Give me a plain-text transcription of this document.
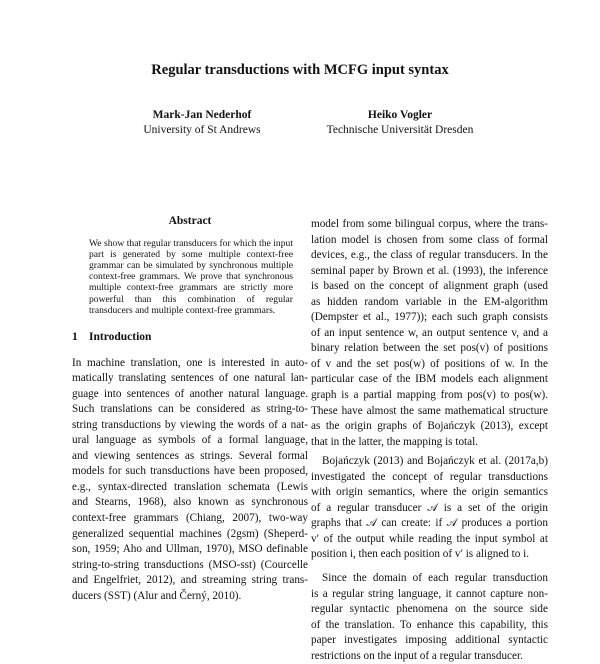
Regular transductions with MCFG input syntax
Mark-Jan Nederhof
University of St Andrews
Heiko Vogler
Technische Universität Dresden
Abstract
We show that regular transducers for which the input part is generated by some multiple context-free grammar can be simulated by synchronous multiple context-free grammars. We prove that synchronous multiple context-free grammars are strictly more powerful than this combination of regular transducers and multiple context-free grammars.
1 Introduction
In machine translation, one is interested in auto-
matically translating sentences of one natural lan-
guage into sentences of another natural language.
Such translations can be considered as string-to-
string transductions by viewing the words of a nat-
ural language as symbols of a formal language,
and viewing sentences as strings. Several formal
models for such transductions have been proposed,
e.g., syntax-directed translation schemata (Lewis
and Stearns, 1968), also known as synchronous
context-free grammars (Chiang, 2007), two-way
generalized sequential machines (2gsm) (Sheperd-
son, 1959; Aho and Ullman, 1970), MSO definable
string-to-string transductions (MSO-sst) (Courcelle
and Engelfriet, 2012), and streaming string trans-
ducers (SST) (Alur and Černý, 2010).
model from some bilingual corpus, where the trans-
lation model is chosen from some class of formal
devices, e.g., the class of regular transducers. In the
seminal paper by Brown et al. (1993), the inference
is based on the concept of alignment graph (used
as hidden random variable in the EM-algorithm
(Dempster et al., 1977)); each such graph consists
of an input sentence w, an output sentence v, and a
binary relation between the set pos(v) of positions
of v and the set pos(w) of positions of w. In the
particular case of the IBM models each alignment
graph is a partial mapping from pos(v) to pos(w).
These have almost the same mathematical structure
as the origin graphs of Bojańczyk (2013), except
that in the latter, the mapping is total.
Bojańczyk (2013) and Bojańczyk et al. (2017a,b)
investigated the concept of regular transductions
with origin semantics, where the origin semantics
of a regular transducer 𝒜 is a set of the origin
graphs that 𝒜 can create: if 𝒜 produces a portion
v′ of the output while reading the input symbol at
position i, then each position of v′ is aligned to i.
Since the domain of each regular transduction
is a regular string language, it cannot capture non-
regular syntactic phenomena on the source side
of the translation. To enhance this capability, this
paper investigates imposing additional syntactic
restrictions on the input of a regular transducer.
